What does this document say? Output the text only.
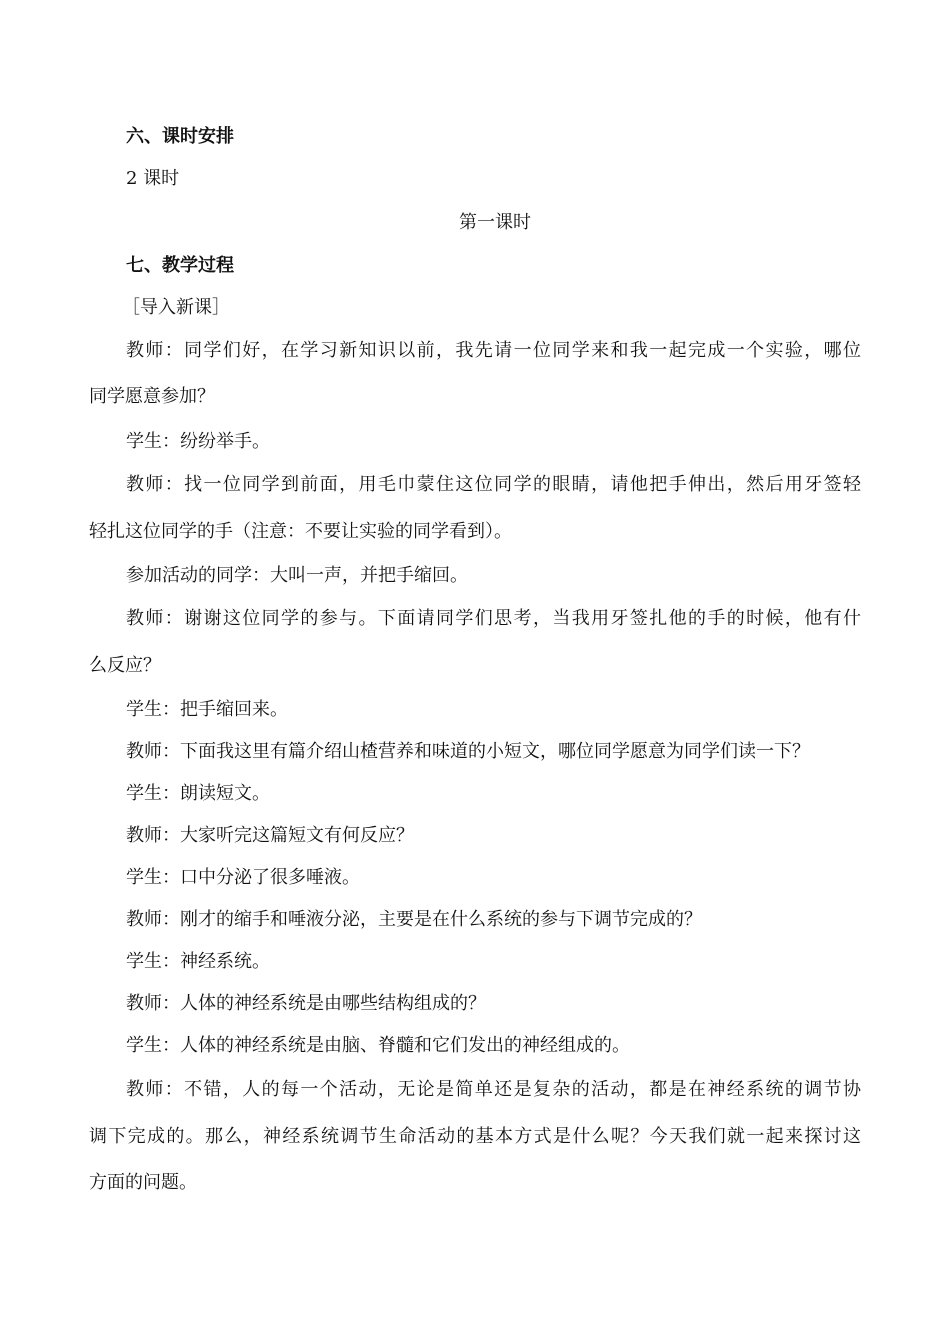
六、课时安排
2 课时
第一课时
七、教学过程
［导入新课］
教师：同学们好，在学习新知识以前，我先请一位同学来和我一起完成一个实验，哪位
同学愿意参加？
学生：纷纷举手。
教师：找一位同学到前面，用毛巾蒙住这位同学的眼睛，请他把手伸出，然后用牙签轻
轻扎这位同学的手（注意：不要让实验的同学看到）。
参加活动的同学：大叫一声，并把手缩回。
教师：谢谢这位同学的参与。下面请同学们思考，当我用牙签扎他的手的时候，他有什
么反应？
学生：把手缩回来。
教师：下面我这里有篇介绍山楂营养和味道的小短文，哪位同学愿意为同学们读一下？
学生：朗读短文。
教师：大家听完这篇短文有何反应？
学生：口中分泌了很多唾液。
教师：刚才的缩手和唾液分泌，主要是在什么系统的参与下调节完成的？
学生：神经系统。
教师：人体的神经系统是由哪些结构组成的？
学生：人体的神经系统是由脑、脊髓和它们发出的神经组成的。
教师：不错，人的每一个活动，无论是简单还是复杂的活动，都是在神经系统的调节协
调下完成的。那么，神经系统调节生命活动的基本方式是什么呢？今天我们就一起来探讨这
方面的问题。
